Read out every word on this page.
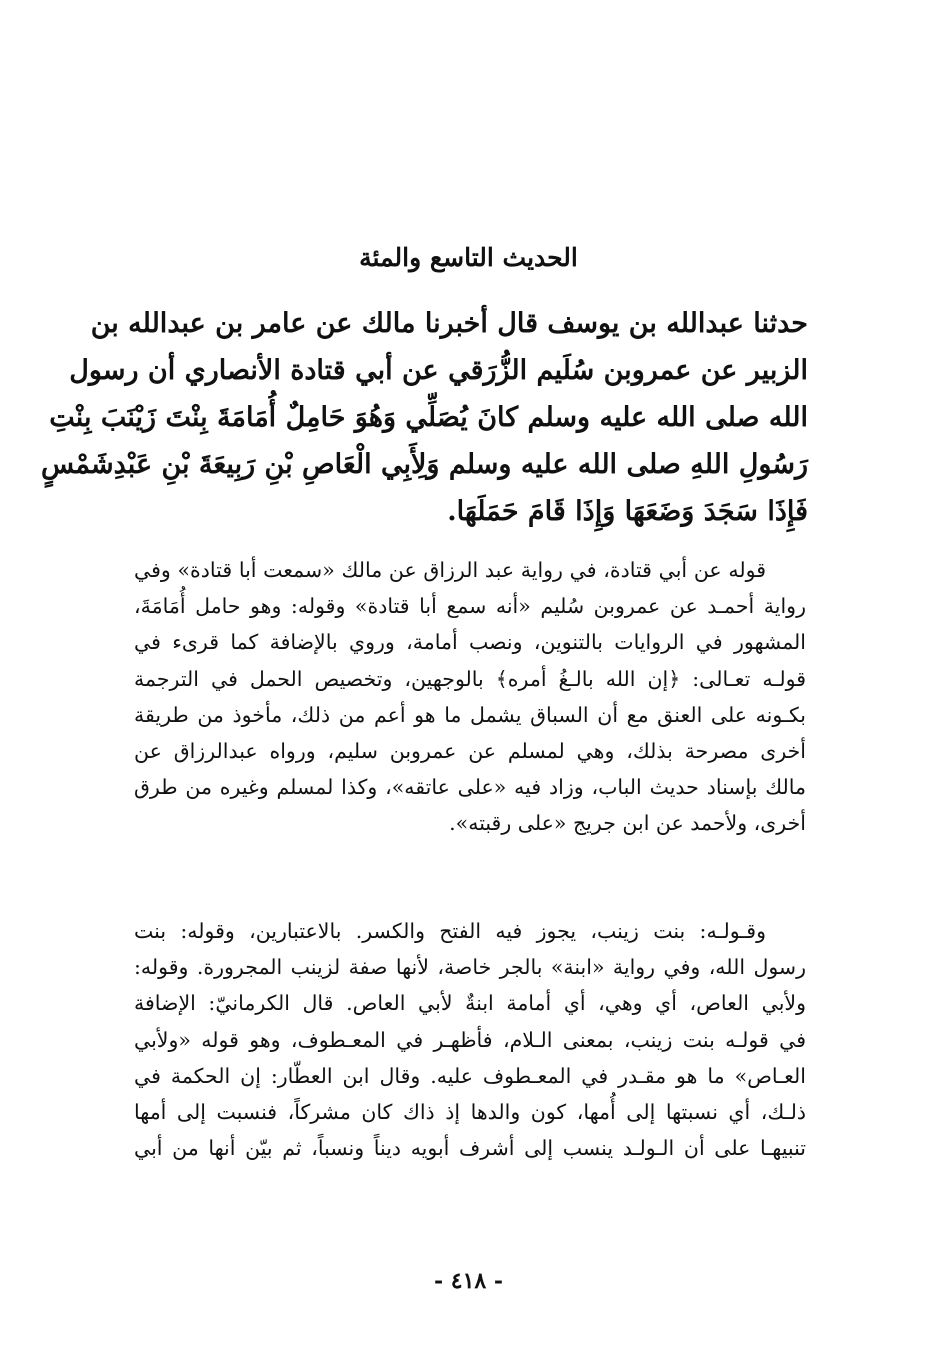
الحديث التاسع والمئة
حدثنا عبدالله بن يوسف قال أخبرنا مالك عن عامر بن عبدالله بن
الزبير عن عمروبن سُلَيم الزُّرَقي عن أبي قتادة الأنصاري أن رسول
الله صلى الله عليه وسلم كانَ يُصَلِّي وَهُوَ حَامِلٌ أُمَامَةَ بِنْتَ زَيْنَبَ بِنْتِ
رَسُولِ اللهِ صلى الله عليه وسلم وَلِأَبِي الْعَاصِ بْنِ رَبِيعَةَ بْنِ عَبْدِشَمْسٍ
فَإِذَا سَجَدَ وَضَعَهَا وَإِذَا قَامَ حَمَلَهَا.
قوله عن أبي قتادة، في رواية عبد الرزاق عن مالك «سمعت أبا قتادة» وفي
رواية أحمـد عن عمروبن سُليم «أنه سمع أبا قتادة» وقوله: وهو حامل أُمَامَةَ،
المشهور في الروايات بالتنوين، ونصب أمامة، وروي بالإضافة كما قرىء في
قولـه تعـالى: ﴿إن الله بالـغُ أمره﴾ بالوجهين، وتخصيص الحمل في الترجمة
بكـونه على العنق مع أن السباق يشمل ما هو أعم من ذلك، مأخوذ من طريقة
أخرى مصرحة بذلك، وهي لمسلم عن عمروبن سليم، ورواه عبدالرزاق عن
مالك بإسناد حديث الباب، وزاد فيه «على عاتقه»، وكذا لمسلم وغيره من طرق
أخرى، ولأحمد عن ابن جريج «على رقبته».
وقـولـه: بنت زينب، يجوز فيه الفتح والكسر. بالاعتبارين، وقوله: بنت
رسول الله، وفي رواية «ابنة» بالجر خاصة، لأنها صفة لزينب المجرورة. وقوله:
ولأبي العاص، أي وهي، أي أمامة ابنةٌ لأبي العاص. قال الكرمانيّ: الإضافة
في قولـه بنت زينب، بمعنى الـلام، فأظهـر في المعـطوف، وهو قوله «ولأبي
العـاص» ما هو مقـدر في المعـطوف عليه. وقال ابن العطّار: إن الحكمة في
ذلـك، أي نسبتها إلى أُمها، كون والدها إذ ذاك كان مشركاً، فنسبت إلى أمها
تنبيهـا على أن الـولـد ينسب إلى أشرف أبويه ديناً ونسباً، ثم بيّن أنها من أبي
- ٤١٨ -
